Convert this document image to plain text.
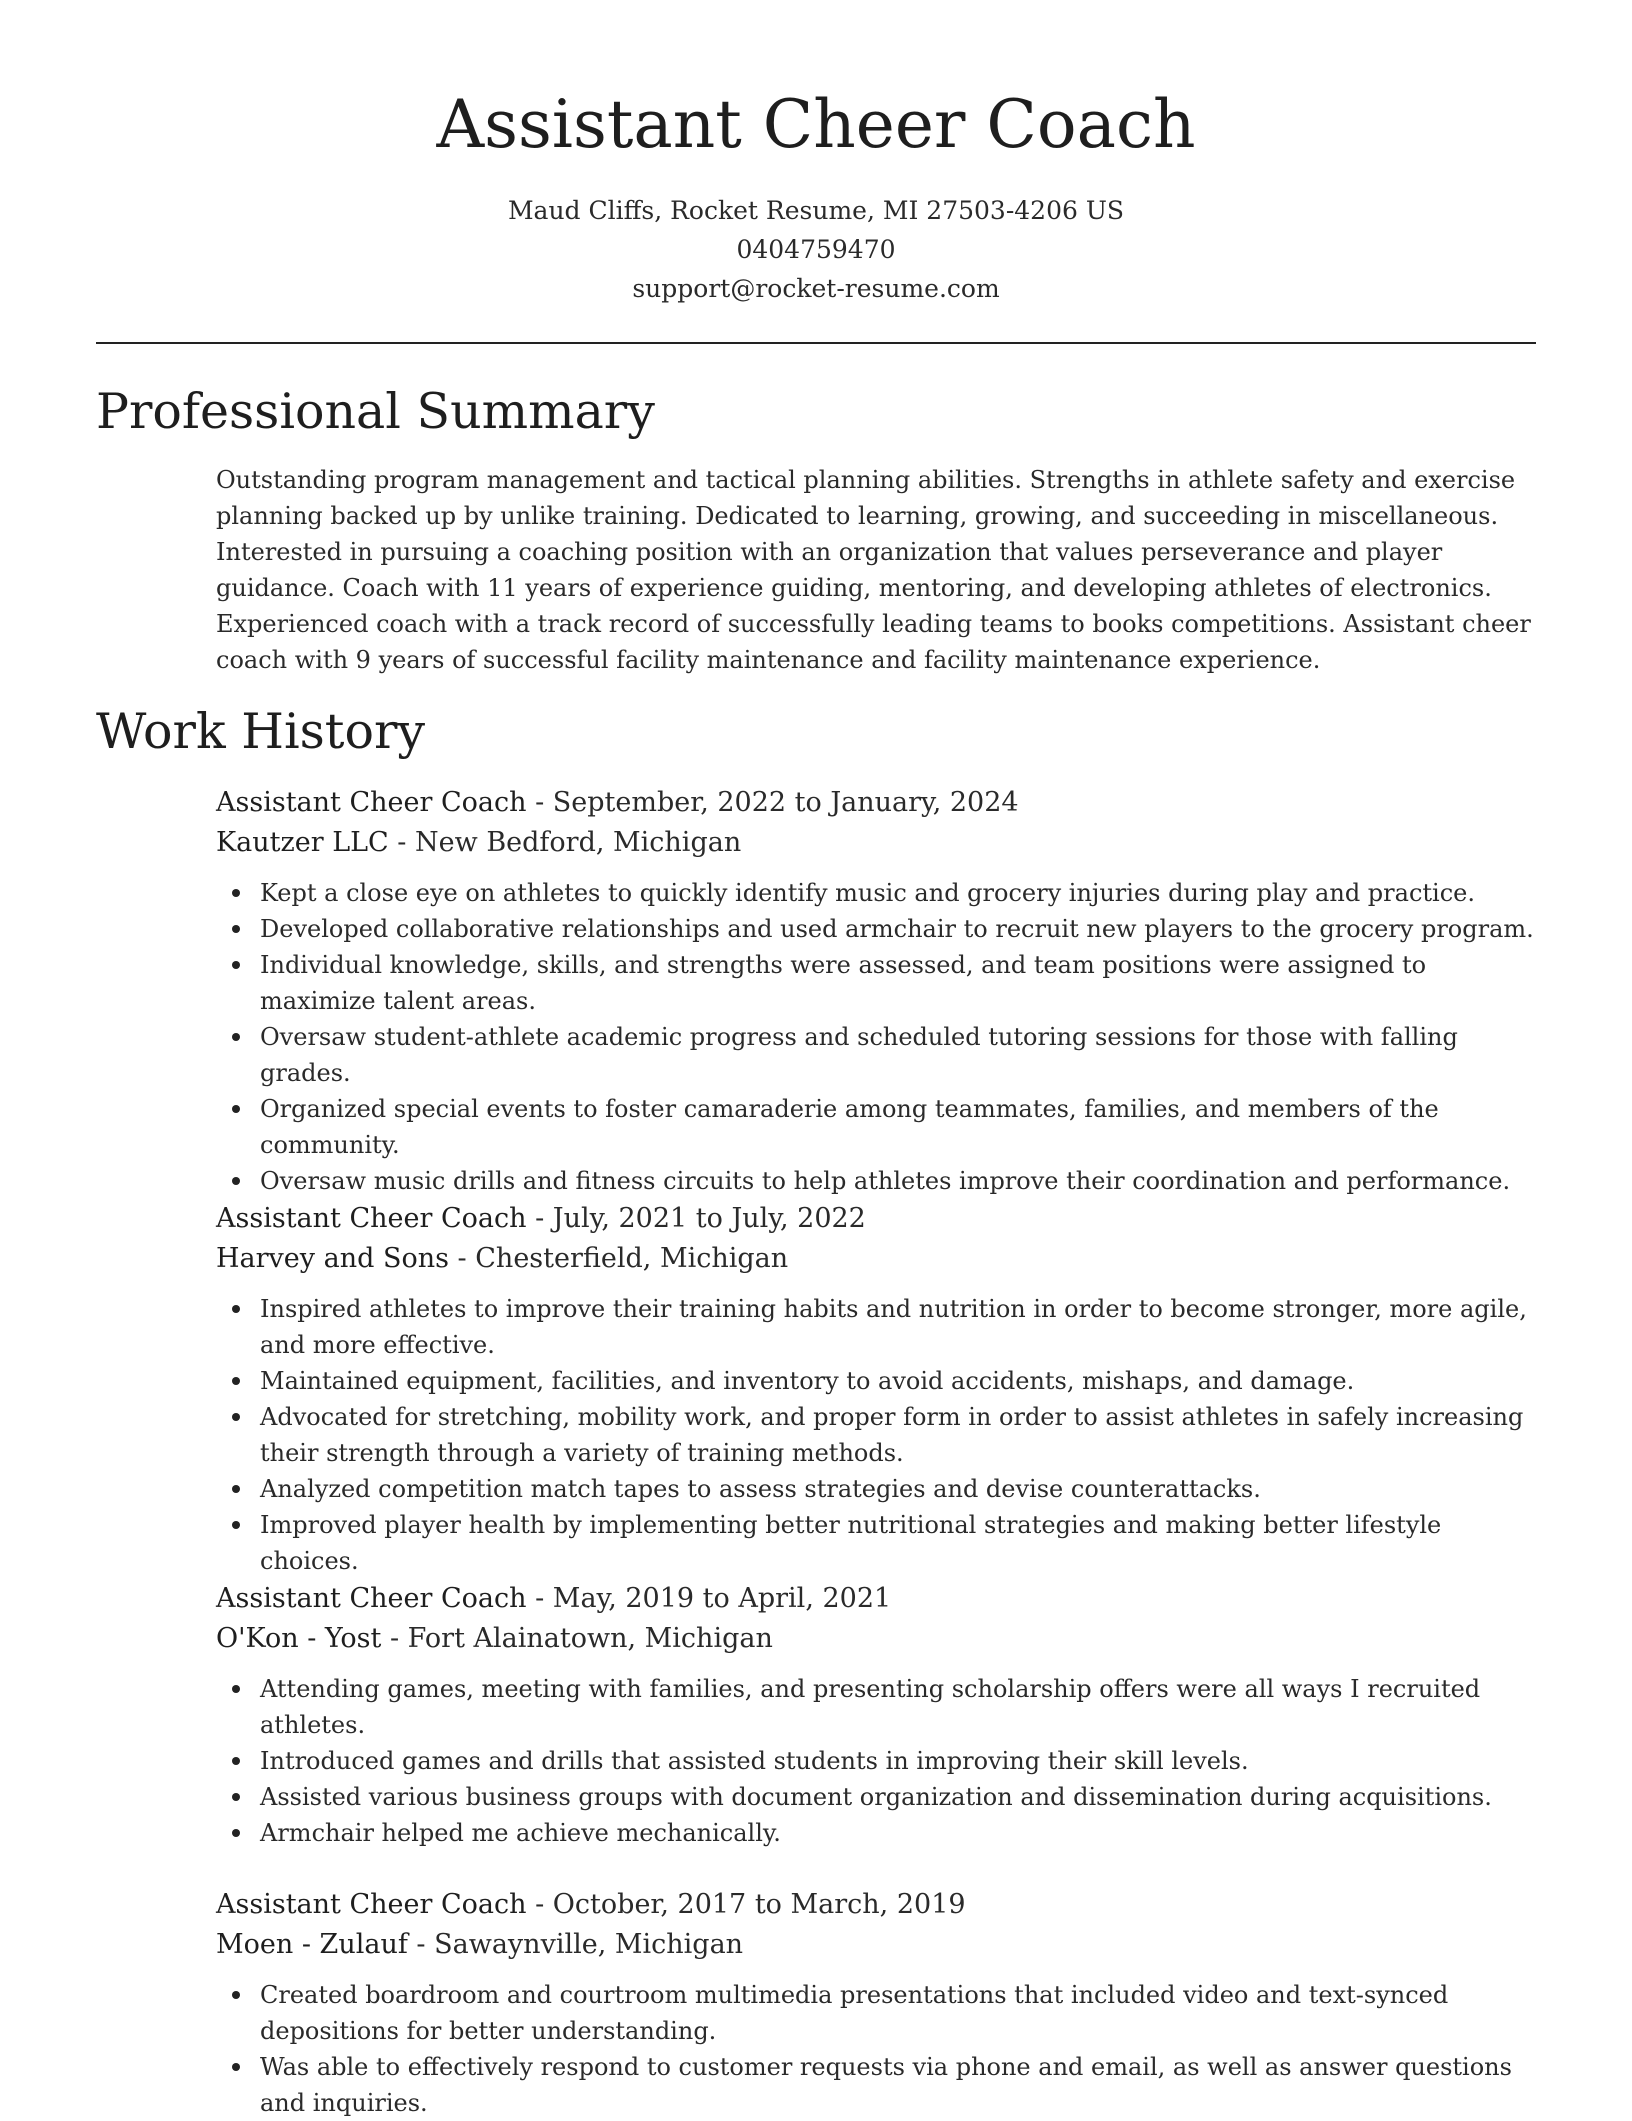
Assistant Cheer Coach
Maud Cliffs, Rocket Resume, MI 27503-4206 US
0404759470
support@rocket-resume.com
Professional Summary

Outstanding program management and tactical planning abilities. Strengths in athlete safety and exercise planning backed up by unlike training. Dedicated to learning, growing, and succeeding in miscellaneous. Interested in pursuing a coaching position with an organization that values perseverance and player guidance. Coach with 11 years of experience guiding, mentoring, and developing athletes of electronics. Experienced coach with a track record of successfully leading teams to books competitions. Assistant cheer coach with 9 years of successful facility maintenance and facility maintenance experience.

Work History
Assistant Cheer Coach - September, 2022 to January, 2024
Kautzer LLC - New Bedford, Michigan
Kept a close eye on athletes to quickly identify music and grocery injuries during play and practice.
Developed collaborative relationships and used armchair to recruit new players to the grocery program.
Individual knowledge, skills, and strengths were assessed, and team positions were assigned to maximize talent areas.
Oversaw student-athlete academic progress and scheduled tutoring sessions for those with falling grades.
Organized special events to foster camaraderie among teammates, families, and members of the community.
Oversaw music drills and fitness circuits to help athletes improve their coordination and performance.
Assistant Cheer Coach - July, 2021 to July, 2022
Harvey and Sons - Chesterfield, Michigan
Inspired athletes to improve their training habits and nutrition in order to become stronger, more agile, and more effective.
Maintained equipment, facilities, and inventory to avoid accidents, mishaps, and damage.
Advocated for stretching, mobility work, and proper form in order to assist athletes in safely increasing their strength through a variety of training methods.
Analyzed competition match tapes to assess strategies and devise counterattacks.
Improved player health by implementing better nutritional strategies and making better lifestyle choices.
Assistant Cheer Coach - May, 2019 to April, 2021
O'Kon - Yost - Fort Alainatown, Michigan
Attending games, meeting with families, and presenting scholarship offers were all ways I recruited athletes.
Introduced games and drills that assisted students in improving their skill levels.
Assisted various business groups with document organization and dissemination during acquisitions.
Armchair helped me achieve mechanically.
Assistant Cheer Coach - October, 2017 to March, 2019
Moen - Zulauf - Sawaynville, Michigan
Created boardroom and courtroom multimedia presentations that included video and text-synced depositions for better understanding.
Was able to effectively respond to customer requests via phone and email, as well as answer questions and inquiries.
